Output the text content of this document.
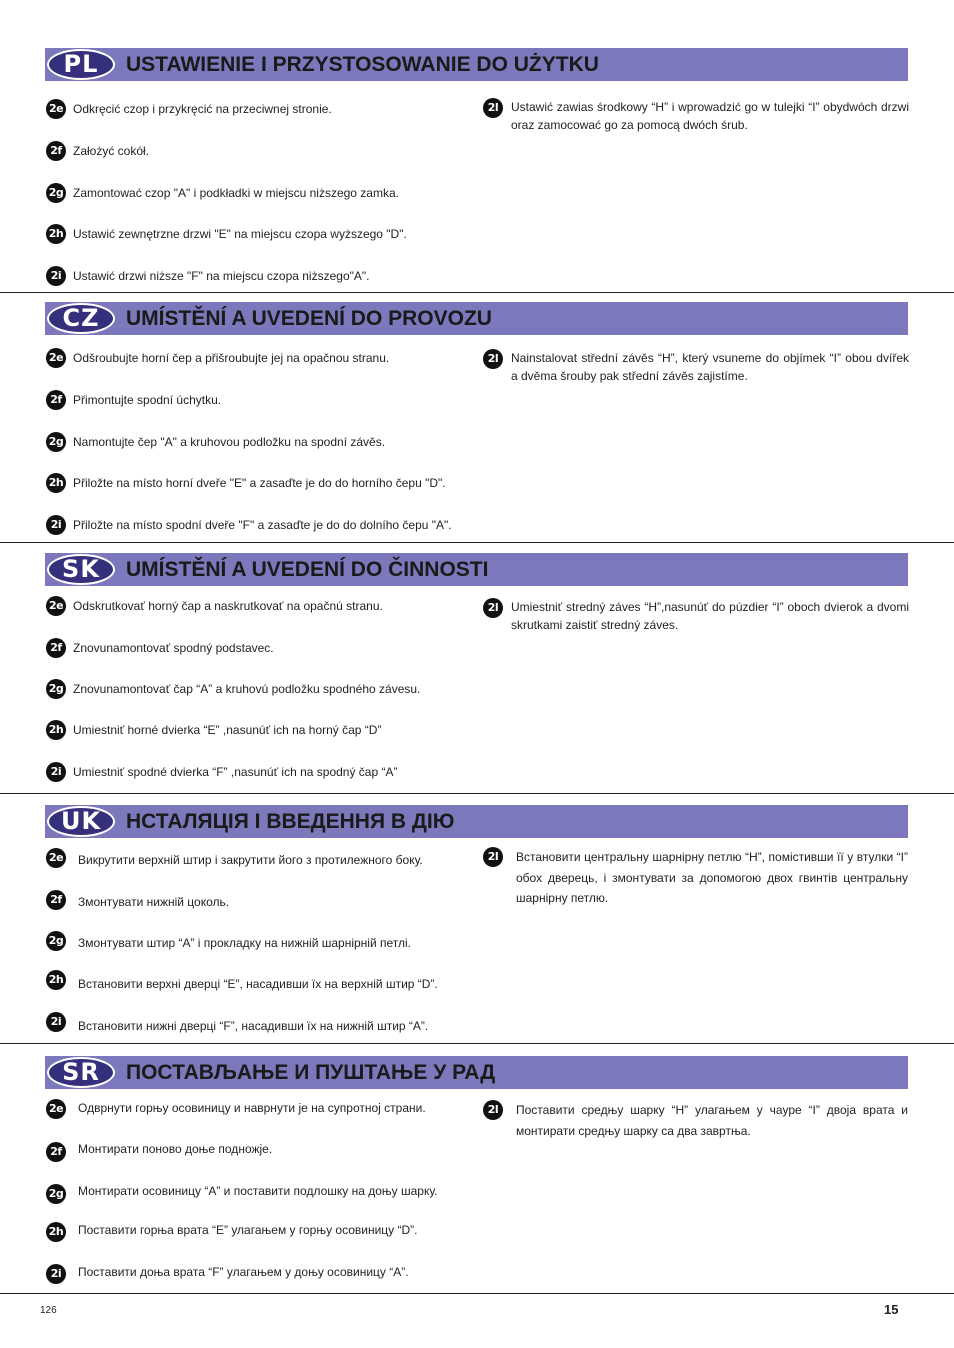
PL	USTAWIENIE I PRZYSTOSOWANIE DO UŻYTKU
2e Odkręcić czop i przykręcić na przeciwnej stronie.
2f Założyć cokół.
2g Zamontować czop "A" i podkładki w miejscu niższego zamka.
2h Ustawić zewnętrzne drzwi "E" na miejscu czopa wyższego "D".
2i Ustawić drzwi niższe "F" na miejscu czopa niższego"A".
2l	Ustawić zawias środkowy “H” i wprowadzić go w tulejki “I” obydwóch drzwi oraz zamocować go za pomocą dwóch śrub.
CZ	UMÍSTĚNÍ A UVEDENÍ DO PROVOZU
2e Odšroubujte horní čep a přišroubujte jej na opačnou stranu.
2f Přimontujte spodní úchytku.
2g Namontujte čep "A" a kruhovou podložku na spodní závěs.
2h Přiložte na místo horní dveře "E" a zasaďte je do do horního čepu "D".
2i Přiložte na místo spodní dveře "F" a zasaďte je do do dolního čepu "A".
2l	Nainstalovat střední závěs “H”, který vsuneme do objímek “I” obou dvířek a dvěma šrouby pak střední závěs zajistíme.
SK	UMÍSTĚNÍ A UVEDENÍ DO ČINNOSTI
2e Odskrutkovať horný čap a naskrutkovať na opačnú stranu.
2f Znovunamontovať spodný podstavec.
2g Znovunamontovať čap “A” a kruhovú podložku spodného závesu.
2h Umiestniť horné dvierka “E” ,nasunúť ich na horný čap “D”
2i Umiestniť spodné dvierka “F” ,nasunúť ich na spodný čap “A”
2l	Umiestniť stredný záves “H”,nasunúť do púzdier “I” oboch dvierok a dvomi skrutkami zaistiť stredný záves.
UK	НСТАЛЯЦІЯ І ВВЕДЕННЯ В ДІЮ
2e Викрутити верхній штир і закрутити його з протилежного боку.
2f	Змонтувати нижній цоколь.
2g Змонтувати штир “A” і прокладку на нижній шарнірній петлі.
2h Встановити верхні дверці “E”, насадивши їх на верхній штир “D”.
2i	Встановити нижні дверці “F”, насадивши їх на нижній штир “A”.
2l	Встановити центральну шарнірну петлю “H”, помістивши її у втулки “I” обох дверець, і змонтувати за допомогою двох гвинтів центральну шарнірну петлю.
SR	ПОСТАВЉАЊЕ И ПУШТАЊЕ У РАД
2e Одврнути горњу осовиницу и наврнути је на супротној страни.
2f	Монтирати поново доње подножје.
2g Монтирати осовиницу “A” и поставити подлошку на доњу шарку.
2h Поставити горња врата “E” улагањем у горњу осовиницу “D”.
2i	Поставити доња врата “F” улагањем у доњу осовиницу “A”.
2l	Поставити средњу шарку “H” улагањем у чауре “I” двоја врата и монтирати средњу шарку са два завртња.
126	15
